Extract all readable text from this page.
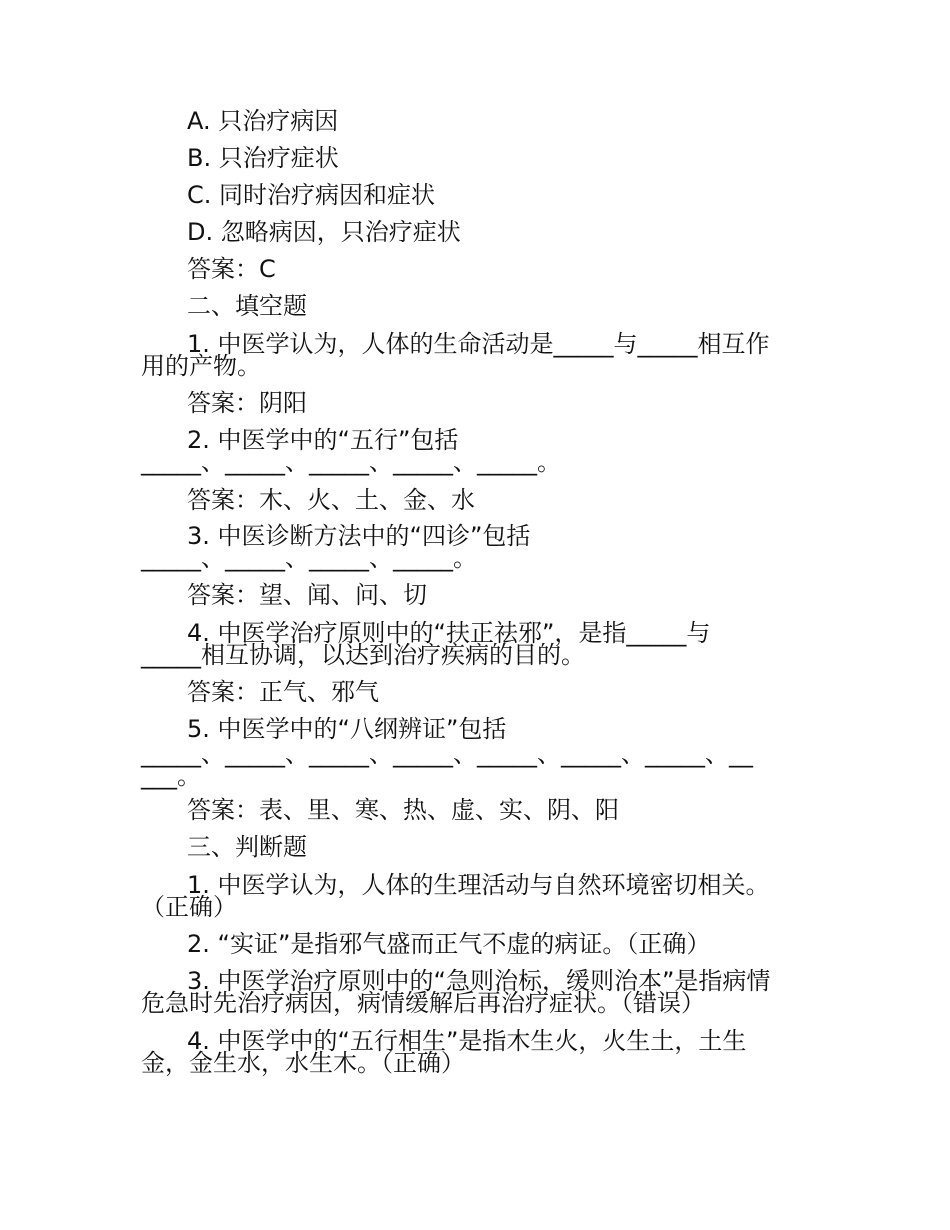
A. 只治疗病因
B. 只治疗症状
C. 同时治疗病因和症状
D. 忽略病因，只治疗症状
答案：C
二、填空题
1. 中医学认为，人体的生命活动是_____与_____相互作
用的产物。
答案：阴阳
2. 中医学中的“五行”包括
_____、_____、_____、_____、_____。
答案：木、火、土、金、水
3. 中医诊断方法中的“四诊”包括
_____、_____、_____、_____。
答案：望、闻、问、切
4. 中医学治疗原则中的“扶正祛邪”，是指_____与
_____相互协调，以达到治疗疾病的目的。
答案：正气、邪气
5. 中医学中的“八纲辨证”包括
_____、_____、_____、_____、_____、_____、_____、__
___。
答案：表、里、寒、热、虚、实、阴、阳
三、判断题
1. 中医学认为，人体的生理活动与自然环境密切相关。
（正确）
2. “实证”是指邪气盛而正气不虚的病证。（正确）
3. 中医学治疗原则中的“急则治标，缓则治本”是指病情
危急时先治疗病因，病情缓解后再治疗症状。（错误）
4. 中医学中的“五行相生”是指木生火，火生土，土生
金，金生水，水生木。（正确）
